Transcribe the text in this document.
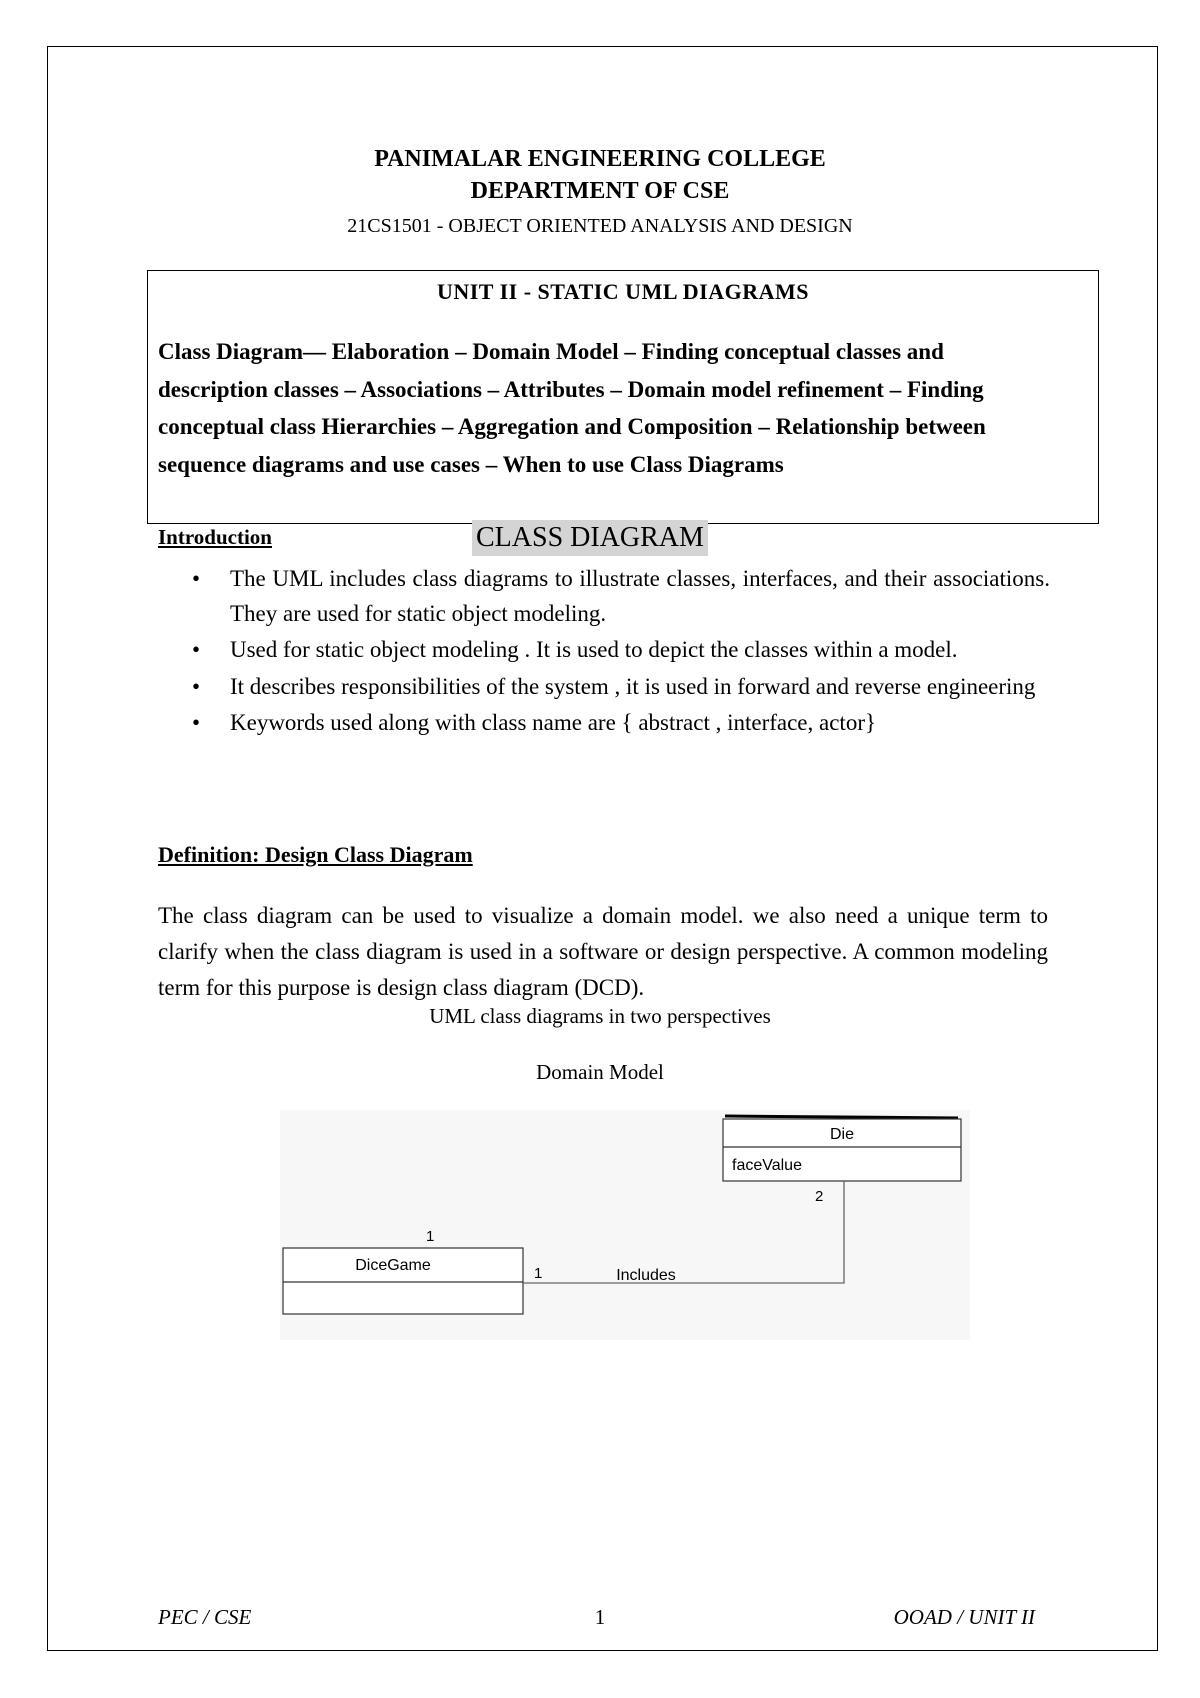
PANIMALAR ENGINEERING COLLEGE
DEPARTMENT OF CSE
21CS1501 - OBJECT ORIENTED ANALYSIS AND DESIGN
UNIT II - STATIC UML DIAGRAMS
Class Diagram— Elaboration – Domain Model – Finding conceptual classes and description classes – Associations – Attributes – Domain model refinement – Finding conceptual class Hierarchies – Aggregation and Composition – Relationship between sequence diagrams and use cases – When to use Class Diagrams
Introduction	CLASS DIAGRAM
• The UML includes class diagrams to illustrate classes, interfaces, and their associations. They are used for static object modeling.
• Used for static object modeling . It is used to depict the classes within a model.
• It describes responsibilities of the system , it is used in forward and reverse engineering
• Keywords used along with class name are { abstract , interface, actor}
Definition: Design Class Diagram
The class diagram can be used to visualize a domain model. we also need a unique term to clarify when the class diagram is used in a software or design perspective. A common modeling term for this purpose is design class diagram (DCD).
UML class diagrams in two perspectives
Domain Model
Die
faceValue
DiceGame
Includes
1
2
1
PEC / CSE	1	OOAD / UNIT II
